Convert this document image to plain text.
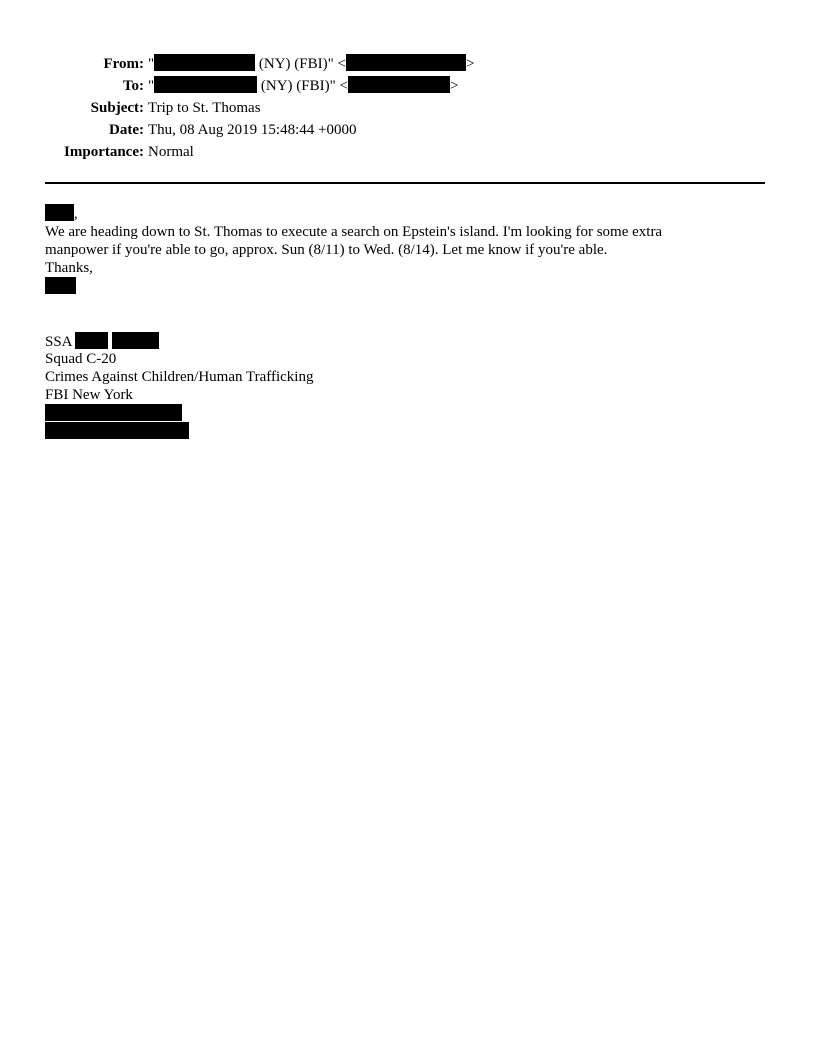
From: "	(NY) (FBI)" <	>
To: "	(NY) (FBI)" <	>
Subject: Trip to St. Thomas
Date: Thu, 08 Aug 2019 15:48:44 +0000
Importance: Normal
,
We are heading down to St. Thomas to execute a search on Epstein's island. I'm looking for some extra
manpower if you're able to go, approx. Sun (8/11) to Wed. (8/14). Let me know if you're able.
Thanks,
SSA
Squad C-20
Crimes Against Children/Human Trafficking
FBI New York
